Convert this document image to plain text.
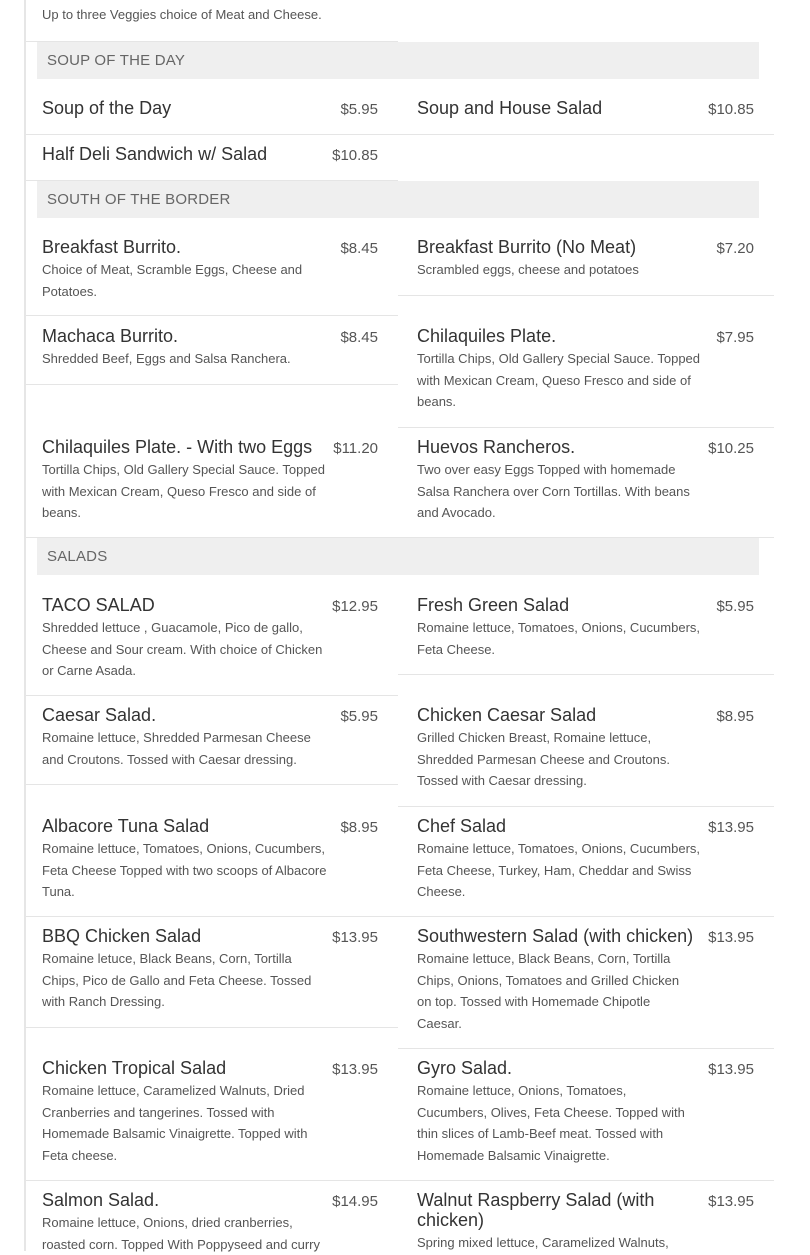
Up to three Veggies choice of Meat and Cheese.
SOUP OF THE DAY
Soup of the Day	$5.95 Soup and House Salad	$10.85
Half Deli Sandwich w/ Salad	$10.85
SOUTH OF THE BORDER
Breakfast Burrito.	$8.45
Choice of Meat, Scramble Eggs, Cheese and Potatoes.
Breakfast Burrito (No Meat)	$7.20
Scrambled eggs, cheese and potatoes
Machaca Burrito.	$8.45
Shredded Beef, Eggs and Salsa Ranchera.
Chilaquiles Plate.	$7.95
Tortilla Chips, Old Gallery Special Sauce. Topped with Mexican Cream, Queso Fresco and side of beans.
Chilaquiles Plate. - With two Eggs $11.20
Tortilla Chips, Old Gallery Special Sauce. Topped with Mexican Cream, Queso Fresco and side of beans.
Huevos Rancheros.	$10.25
Two over easy Eggs Topped with homemade Salsa Ranchera over Corn Tortillas. With beans and Avocado.
SALADS
TACO SALAD	$12.95
Shredded lettuce , Guacamole, Pico de gallo, Cheese and Sour cream. With choice of Chicken or Carne Asada.
Fresh Green Salad	$5.95
Romaine lettuce, Tomatoes, Onions, Cucumbers, Feta Cheese.
Caesar Salad.	$5.95
Romaine lettuce, Shredded Parmesan Cheese and Croutons. Tossed with Caesar dressing.
Chicken Caesar Salad	$8.95
Grilled Chicken Breast, Romaine lettuce, Shredded Parmesan Cheese and Croutons. Tossed with Caesar dressing.
Albacore Tuna Salad	$8.95
Romaine lettuce, Tomatoes, Onions, Cucumbers, Feta Cheese Topped with two scoops of Albacore Tuna.
Chef Salad	$13.95
Romaine lettuce, Tomatoes, Onions, Cucumbers, Feta Cheese, Turkey, Ham, Cheddar and Swiss Cheese.
BBQ Chicken Salad	$13.95
Romaine letuce, Black Beans, Corn, Tortilla Chips, Pico de Gallo and Feta Cheese. Tossed with Ranch Dressing.
Southwestern Salad (with chicken) $13.95
Romaine lettuce, Black Beans, Corn, Tortilla Chips, Onions, Tomatoes and Grilled Chicken on top. Tossed with Homemade Chipotle Caesar.
Chicken Tropical Salad	$13.95
Romaine lettuce, Caramelized Walnuts, Dried Cranberries and tangerines. Tossed with Homemade Balsamic Vinaigrette. Topped with Feta cheese.
Gyro Salad.	$13.95
Romaine lettuce, Onions, Tomatoes, Cucumbers, Olives, Feta Cheese. Topped with thin slices of Lamb-Beef meat. Tossed with Homemade Balsamic Vinaigrette.
Salmon Salad.	$14.95
Romaine lettuce, Onions, dried cranberries, roasted corn. Topped With Poppyseed and curry
Walnut Raspberry Salad (with chicken)
$13.95
Spring mixed lettuce, Caramelized Walnuts,
